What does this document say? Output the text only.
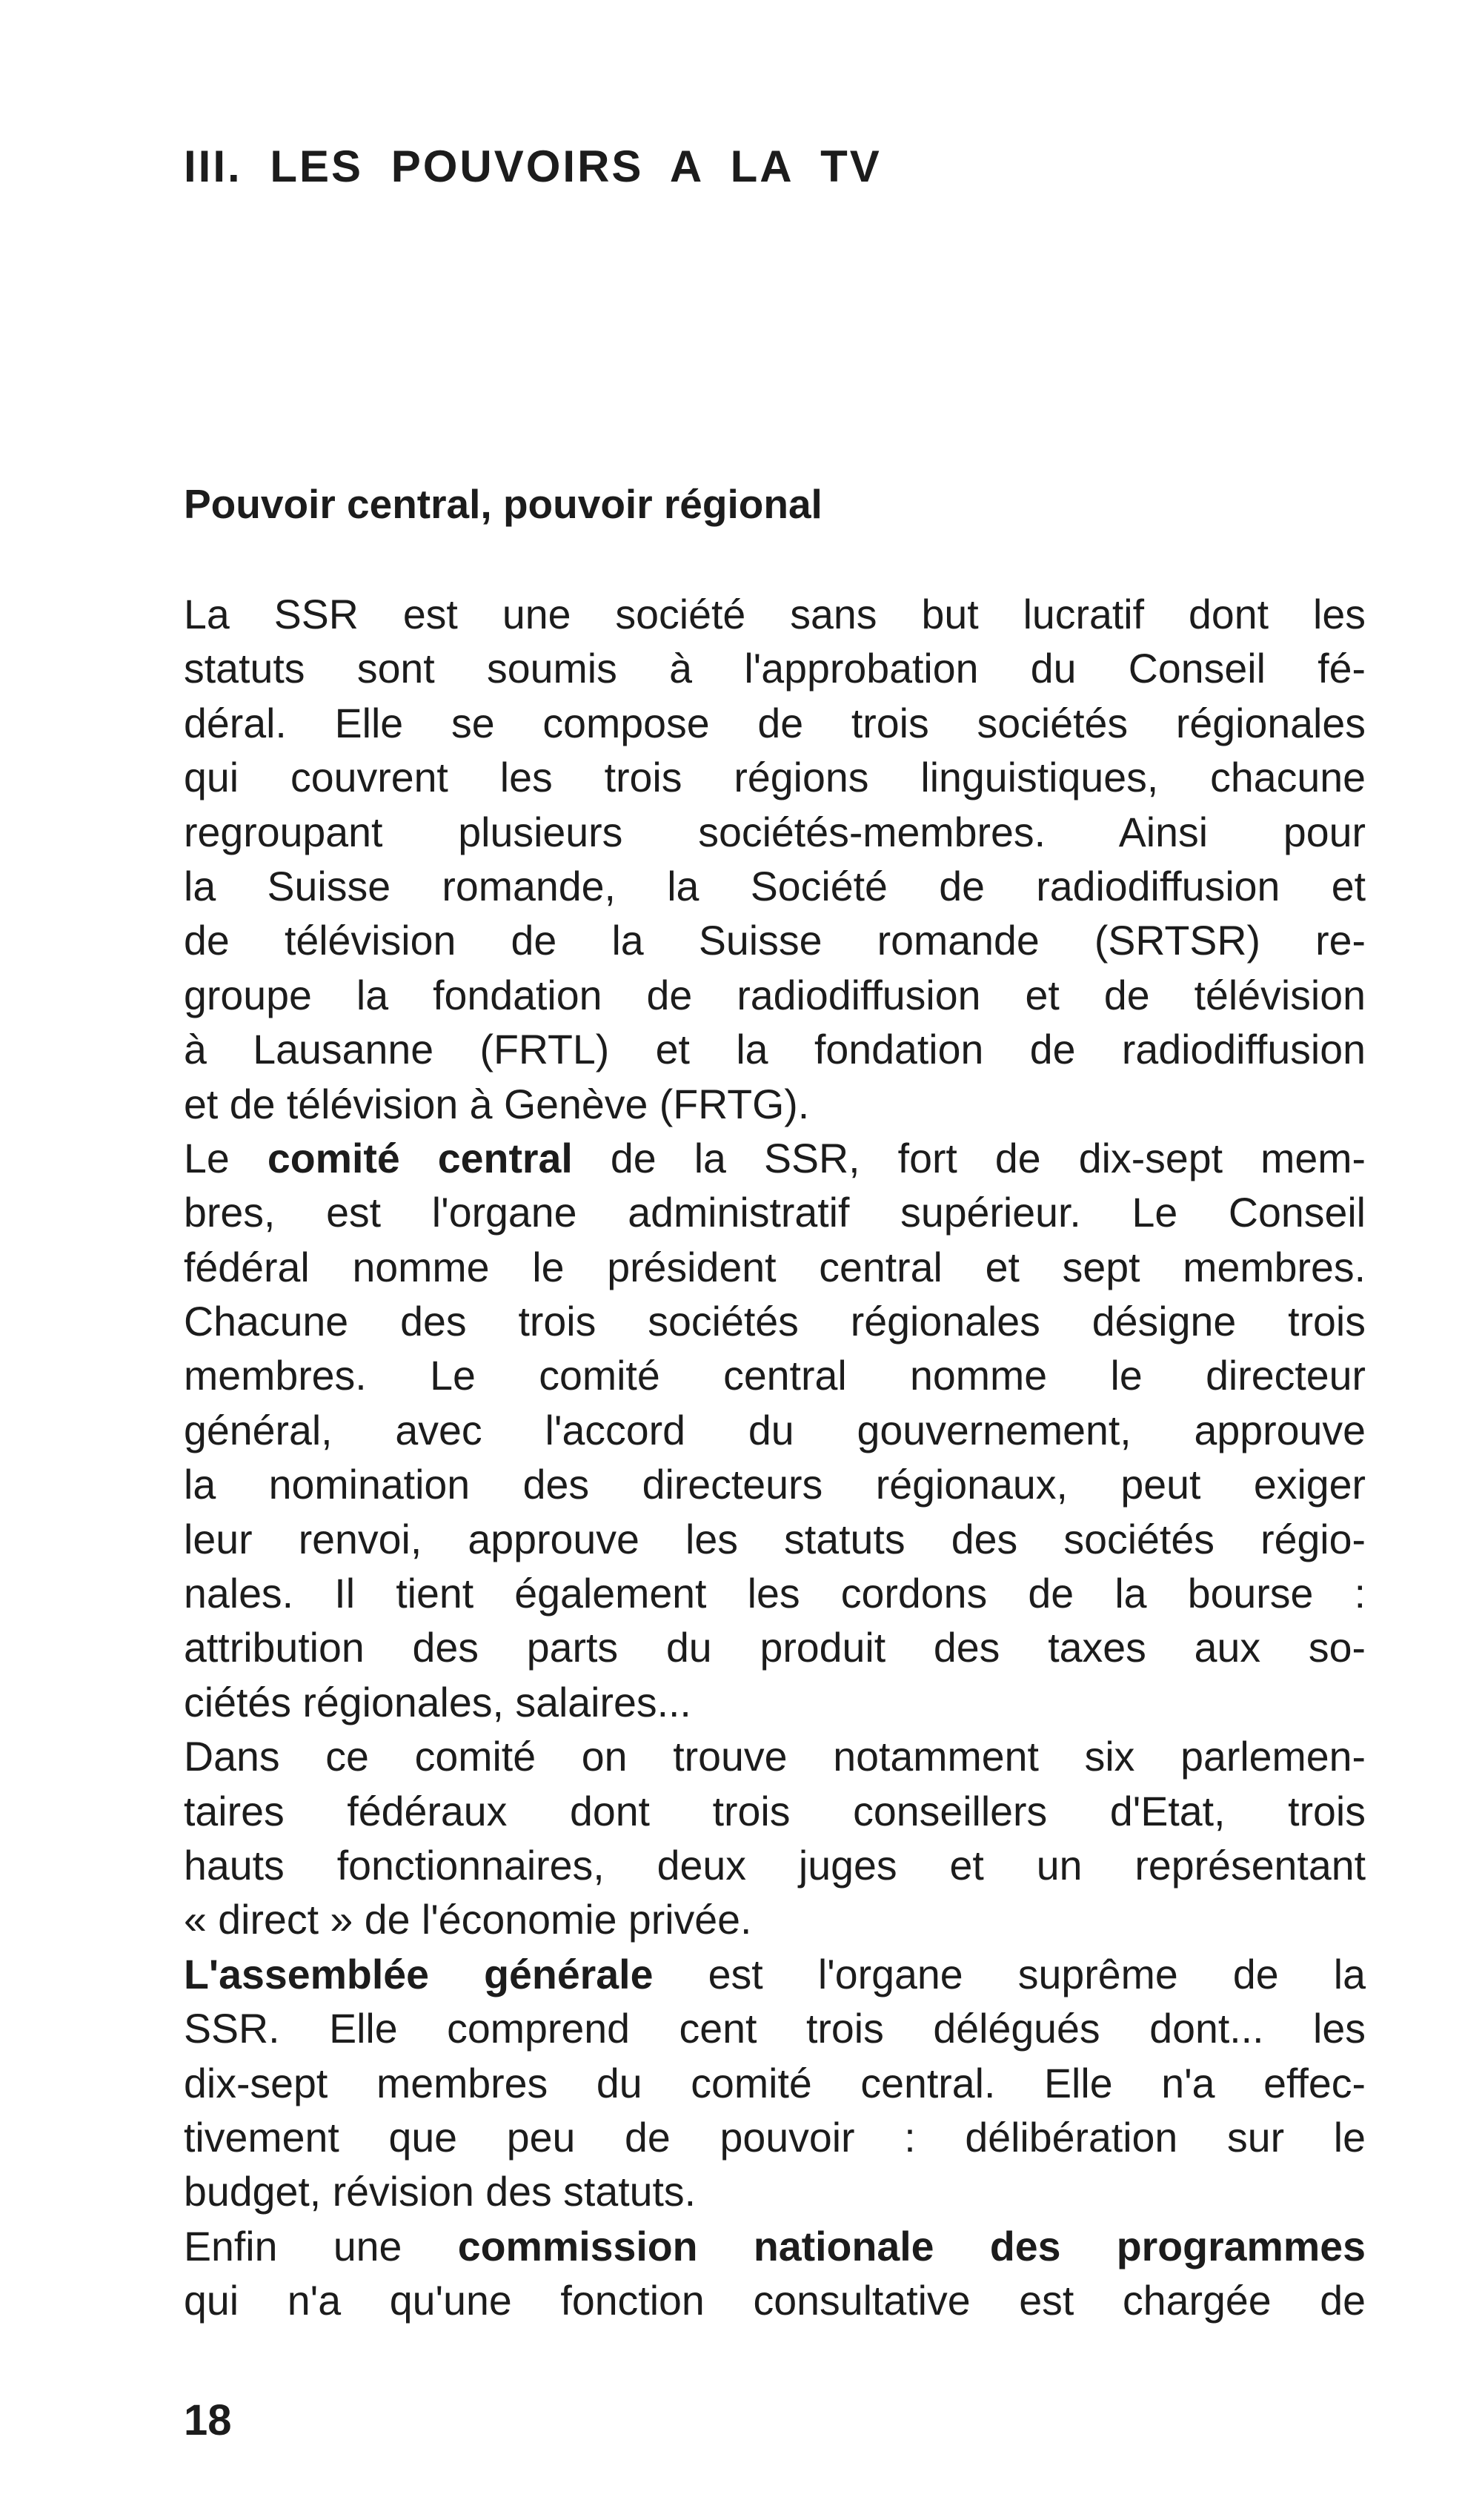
III. LES POUVOIRS A LA TV
Pouvoir central, pouvoir régional
La SSR est une société sans but lucratif dont les
statuts sont soumis à l'approbation du Conseil fé-
déral. Elle se compose de trois sociétés régionales
qui couvrent les trois régions linguistiques, chacune
regroupant plusieurs sociétés-membres. Ainsi pour
la Suisse romande, la Société de radiodiffusion et
de télévision de la Suisse romande (SRTSR) re-
groupe la fondation de radiodiffusion et de télévision
à Lausanne (FRTL) et la fondation de radiodiffusion
et de télévision à Genève (FRTG).
Le comité central de la SSR, fort de dix-sept mem-
bres, est l'organe administratif supérieur. Le Conseil
fédéral nomme le président central et sept membres.
Chacune des trois sociétés régionales désigne trois
membres. Le comité central nomme le directeur
général, avec l'accord du gouvernement, approuve
la nomination des directeurs régionaux, peut exiger
leur renvoi, approuve les statuts des sociétés régio-
nales. Il tient également les cordons de la bourse :
attribution des parts du produit des taxes aux so-
ciétés régionales, salaires...
Dans ce comité on trouve notamment six parlemen-
taires fédéraux dont trois conseillers d'Etat, trois
hauts fonctionnaires, deux juges et un représentant
« direct » de l'économie privée.
L'assemblée générale est l'organe suprême de la
SSR. Elle comprend cent trois délégués dont... les
dix-sept membres du comité central. Elle n'a effec-
tivement que peu de pouvoir : délibération sur le
budget, révision des statuts.
Enfin une commission nationale des programmes
qui n'a qu'une fonction consultative est chargée de
18
